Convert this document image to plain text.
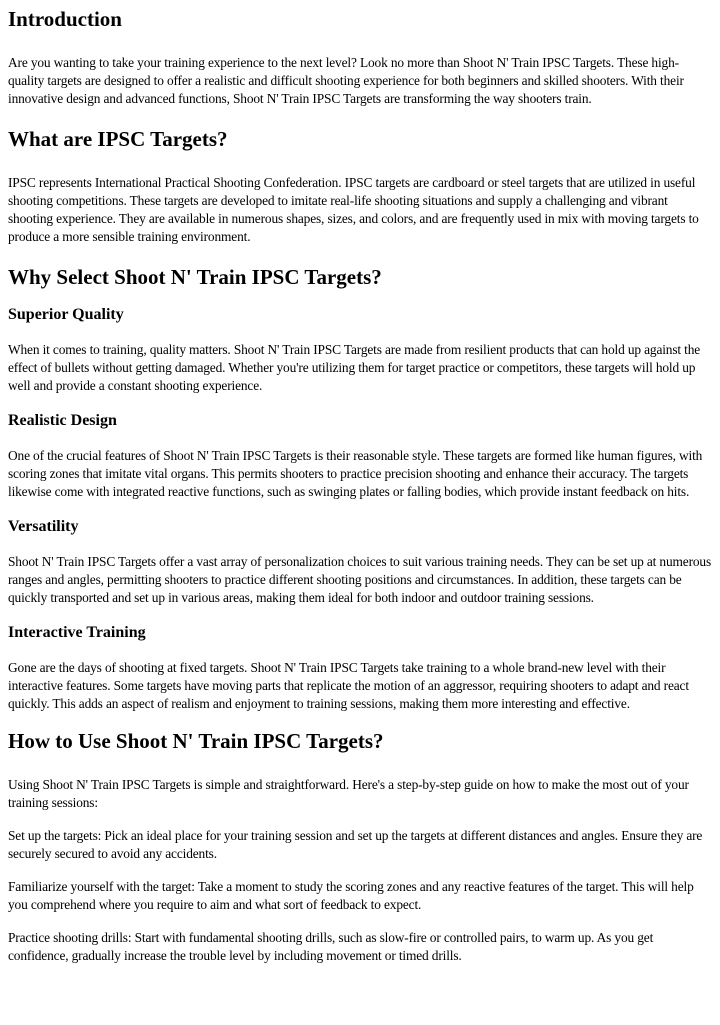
Introduction

Are you wanting to take your training experience to the next level? Look no more than Shoot N' Train IPSC Targets. These high-quality targets are designed to offer a realistic and difficult shooting experience for both beginners and skilled shooters. With their innovative design and advanced functions, Shoot N' Train IPSC Targets are transforming the way shooters train.

What are IPSC Targets?

IPSC represents International Practical Shooting Confederation. IPSC targets are cardboard or steel targets that are utilized in useful shooting competitions. These targets are developed to imitate real-life shooting situations and supply a challenging and vibrant shooting experience. They are available in numerous shapes, sizes, and colors, and are frequently used in mix with moving targets to produce a more sensible training environment.

Why Select Shoot N' Train IPSC Targets?
Superior Quality

When it comes to training, quality matters. Shoot N' Train IPSC Targets are made from resilient products that can hold up against the effect of bullets without getting damaged. Whether you're utilizing them for target practice or competitors, these targets will hold up well and provide a constant shooting experience.

Realistic Design

One of the crucial features of Shoot N' Train IPSC Targets is their reasonable style. These targets are formed like human figures, with scoring zones that imitate vital organs. This permits shooters to practice precision shooting and enhance their accuracy. The targets likewise come with integrated reactive functions, such as swinging plates or falling bodies, which provide instant feedback on hits.

Versatility

Shoot N' Train IPSC Targets offer a vast array of personalization choices to suit various training needs. They can be set up at numerous ranges and angles, permitting shooters to practice different shooting positions and circumstances. In addition, these targets can be quickly transported and set up in various areas, making them ideal for both indoor and outdoor training sessions.

Interactive Training

Gone are the days of shooting at fixed targets. Shoot N' Train IPSC Targets take training to a whole brand-new level with their interactive features. Some targets have moving parts that replicate the motion of an aggressor, requiring shooters to adapt and react quickly. This adds an aspect of realism and enjoyment to training sessions, making them more interesting and effective.

How to Use Shoot N' Train IPSC Targets?

Using Shoot N' Train IPSC Targets is simple and straightforward. Here's a step-by-step guide on how to make the most out of your training sessions:

Set up the targets: Pick an ideal place for your training session and set up the targets at different distances and angles. Ensure they are securely secured to avoid any accidents.

Familiarize yourself with the target: Take a moment to study the scoring zones and any reactive features of the target. This will help you comprehend where you require to aim and what sort of feedback to expect.

Practice shooting drills: Start with fundamental shooting drills, such as slow-fire or controlled pairs, to warm up. As you get confidence, gradually increase the trouble level by including movement or timed drills.
